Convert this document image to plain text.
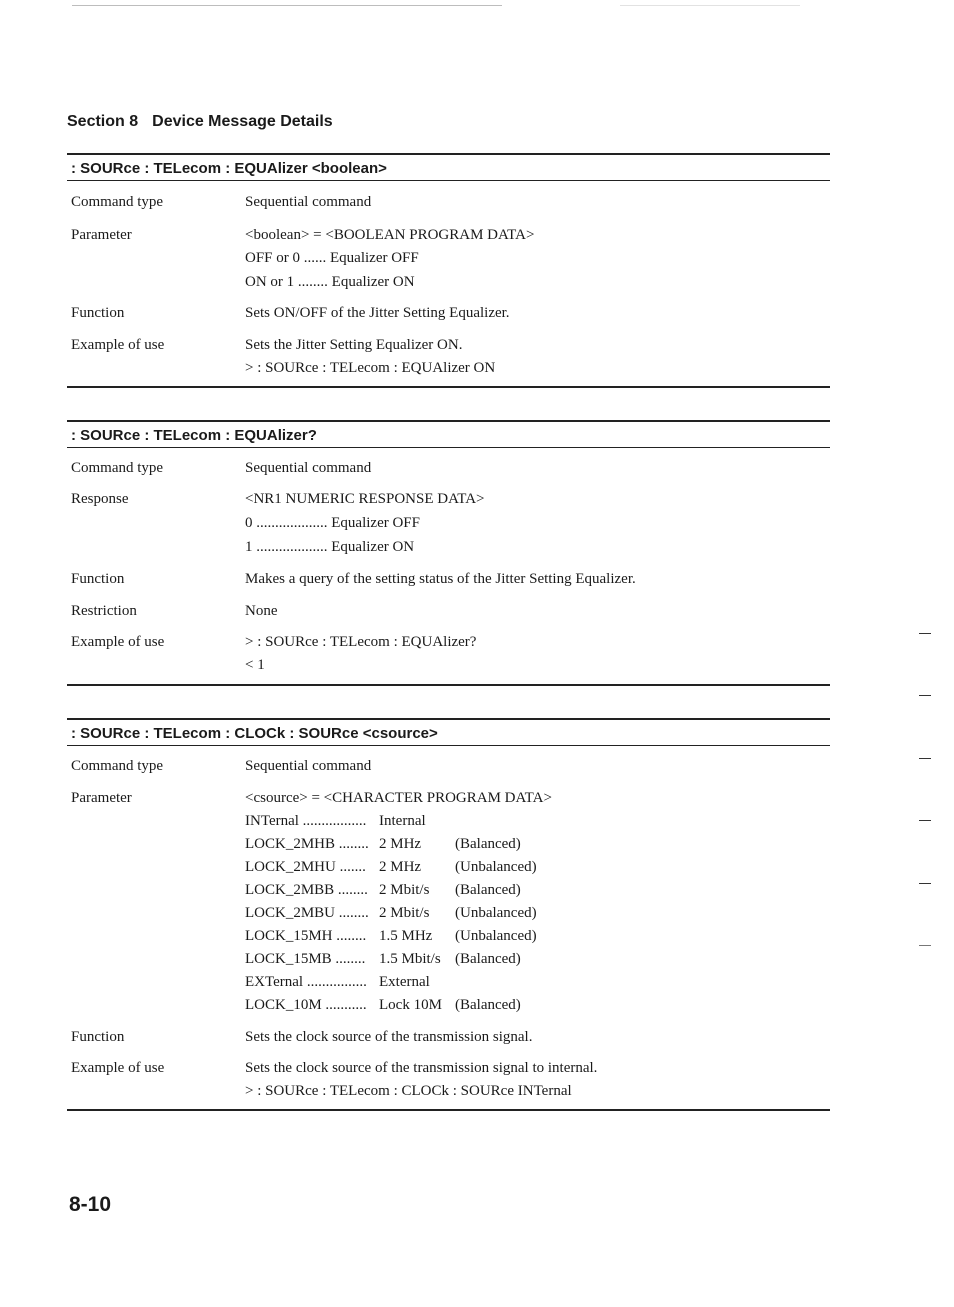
Section 8 Device Message Details
: SOURce : TELecom : EQUAlizer <boolean>
Command type	Sequential command
Parameter	<boolean> = <BOOLEAN PROGRAM DATA>
OFF or 0 ...... Equalizer OFF
ON or 1 ........ Equalizer ON
Function	Sets ON/OFF of the Jitter Setting Equalizer.
Example of use	Sets the Jitter Setting Equalizer ON.
> : SOURce : TELecom : EQUAlizer ON
: SOURce : TELecom : EQUAlizer?
Command type	Sequential command
Response	<NR1 NUMERIC RESPONSE DATA>
0 ................... Equalizer OFF
1 ................... Equalizer ON
Function	Makes a query of the setting status of the Jitter Setting Equalizer.
Restriction	None
Example of use	> : SOURce : TELecom : EQUAlizer?
< 1
: SOURce : TELecom : CLOCk : SOURce <csource>
Command type	Sequential command
Parameter	<csource> = <CHARACTER PROGRAM DATA>
INTernal ................. Internal
LOCK_2MHB ........ 2 MHz (Balanced)
LOCK_2MHU ....... 2 MHz (Unbalanced)
LOCK_2MBB ........ 2 Mbit/s (Balanced)
LOCK_2MBU ........ 2 Mbit/s (Unbalanced)
LOCK_15MH ........ 1.5 MHz (Unbalanced)
LOCK_15MB ........ 1.5 Mbit/s (Balanced)
EXTernal ................ External
LOCK_10M ........... Lock 10M (Balanced)
Function	Sets the clock source of the transmission signal.
Example of use	Sets the clock source of the transmission signal to internal.
> : SOURce : TELecom : CLOCk : SOURce INTernal
8-10
